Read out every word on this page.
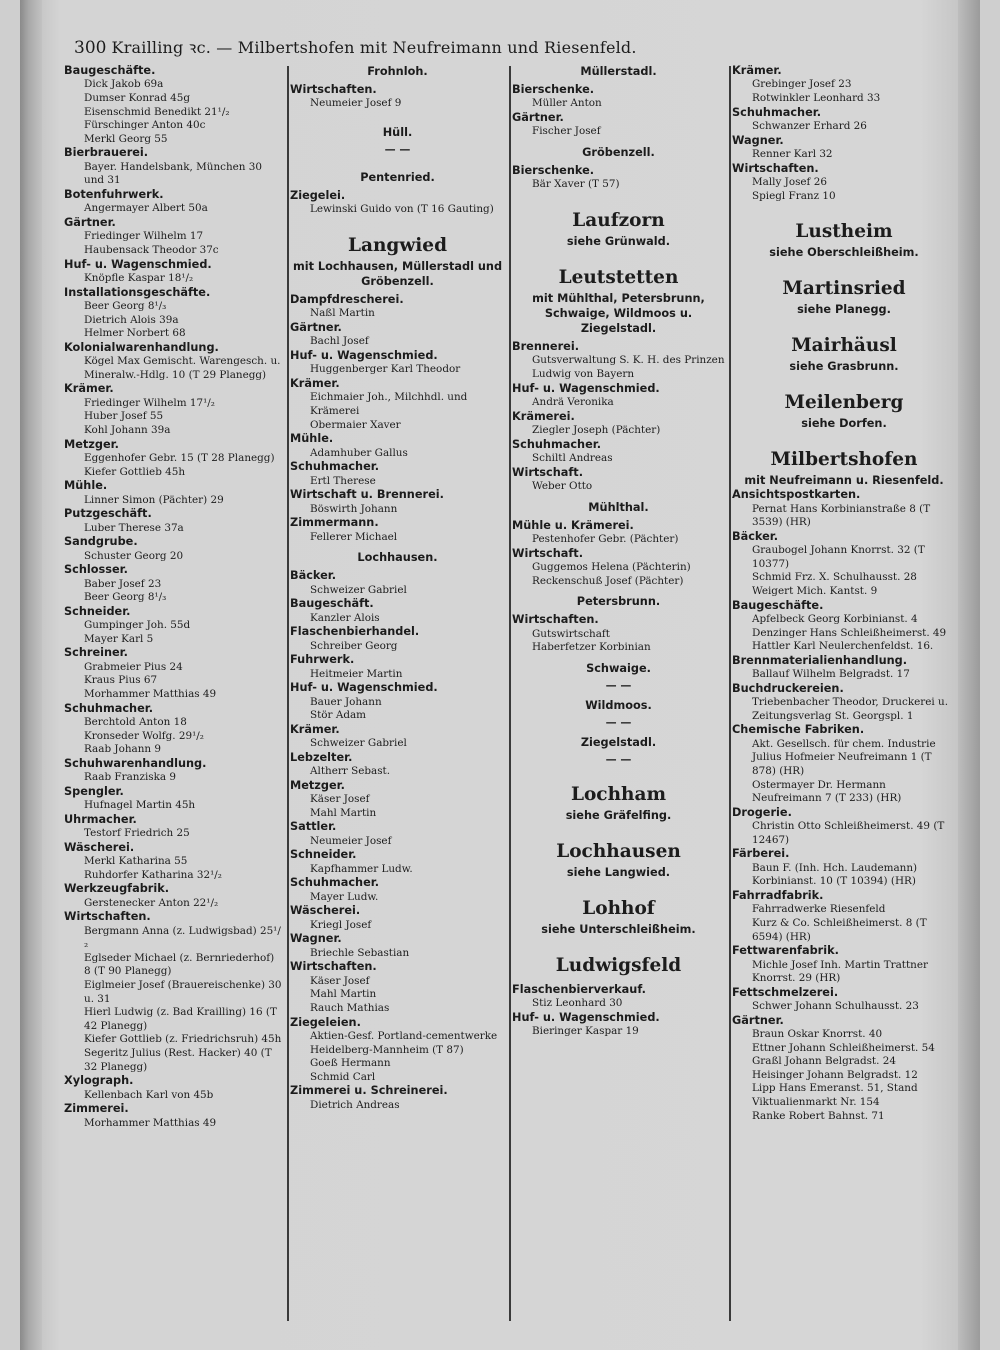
300 Krailling ꝛc. — Milbertshofen mit Neufreimann und Riesenfeld.
Baugeschäfte.
Dick Jakob 69a
Dumser Konrad 45g
Eisenschmid Benedikt 21¹/₂
Fürschinger Anton 40c
Merkl Georg 55
Bierbrauerei.
Bayer. Handelsbank, München 30 und 31
Botenfuhrwerk.
Angermayer Albert 50a
Gärtner.
Friedinger Wilhelm 17
Haubensack Theodor 37c
Huf- u. Wagenschmied.
Knöpfle Kaspar 18¹/₂
Installationsgeschäfte.
Beer Georg 8¹/₃
Dietrich Alois 39a
Helmer Norbert 68
Kolonialwarenhandlung.
Kögel Max Gemischt. Warengesch. u. Mineralw.-Hdlg. 10 (T 29 Planegg)
Krämer.
Friedinger Wilhelm 17¹/₂
Huber Josef 55
Kohl Johann 39a
Metzger.
Eggenhofer Gebr. 15 (T 28 Planegg)
Kiefer Gottlieb 45h
Mühle.
Linner Simon (Pächter) 29
Putzgeschäft.
Luber Therese 37a
Sandgrube.
Schuster Georg 20
Schlosser.
Baber Josef 23
Beer Georg 8¹/₃
Schneider.
Gumpinger Joh. 55d
Mayer Karl 5
Schreiner.
Grabmeier Pius 24
Kraus Pius 67
Morhammer Matthias 49
Schuhmacher.
Berchtold Anton 18
Kronseder Wolfg. 29¹/₂
Raab Johann 9
Schuhwarenhandlung.
Raab Franziska 9
Spengler.
Hufnagel Martin 45h
Uhrmacher.
Testorf Friedrich 25
Wäscherei.
Merkl Katharina 55
Ruhdorfer Katharina 32¹/₂
Werkzeugfabrik.
Gerstenecker Anton 22¹/₂
Wirtschaften.
Bergmann Anna (z. Ludwigsbad) 25¹/₂
Eglseder Michael (z. Bernriederhof) 8 (T 90 Planegg)
Eiglmeier Josef (Brauereischenke) 30 u. 31
Hierl Ludwig (z. Bad Krailling) 16 (T 42 Planegg)
Kiefer Gottlieb (z. Friedrichsruh) 45h
Segeritz Julius (Rest. Hacker) 40 (T 32 Planegg)
Xylograph.
Kellenbach Karl von 45b
Zimmerei.
Morhammer Matthias 49
Frohnloh.
Wirtschaften.
Neumeier Josef 9
Hüll.
— —
Pentenried.
Ziegelei.
Lewinski Guido von (T 16 Gauting)
Langwied
mit Lochhausen, Müllerstadl und Gröbenzell.
Dampfdrescherei.
Naßl Martin
Gärtner.
Bachl Josef
Huf- u. Wagenschmied.
Huggenberger Karl Theodor
Krämer.
Eichmaier Joh., Milchhdl. und Krämerei
Obermaier Xaver
Mühle.
Adamhuber Gallus
Schuhmacher.
Ertl Therese
Wirtschaft u. Brennerei.
Böswirth Johann
Zimmermann.
Fellerer Michael
Lochhausen.
Bäcker.
Schweizer Gabriel
Baugeschäft.
Kanzler Alois
Flaschenbierhandel.
Schreiber Georg
Fuhrwerk.
Heitmeier Martin
Huf- u. Wagenschmied.
Bauer Johann
Stör Adam
Krämer.
Schweizer Gabriel
Lebzelter.
Altherr Sebast.
Metzger.
Käser Josef
Mahl Martin
Sattler.
Neumeier Josef
Schneider.
Kapfhammer Ludw.
Schuhmacher.
Mayer Ludw.
Wäscherei.
Kriegl Josef
Wagner.
Briechle Sebastian
Wirtschaften.
Käser Josef
Mahl Martin
Rauch Mathias
Ziegeleien.
Aktien-Gesf. Portland-cementwerke Heidelberg-Mannheim (T 87)
Goeß Hermann
Schmid Carl
Zimmerei u. Schreinerei.
Dietrich Andreas
Müllerstadl.
Bierschenke.
Müller Anton
Gärtner.
Fischer Josef
Gröbenzell.
Bierschenke.
Bär Xaver (T 57)
Laufzorn
siehe Grünwald.
Leutstetten
mit Mühlthal, Petersbrunn, Schwaige, Wildmoos u. Ziegelstadl.
Brennerei.
Gutsverwaltung S. K. H. des Prinzen Ludwig von Bayern
Huf- u. Wagenschmied.
Andrä Veronika
Krämerei.
Ziegler Joseph (Pächter)
Schuhmacher.
Schiltl Andreas
Wirtschaft.
Weber Otto
Mühlthal.
Mühle u. Krämerei.
Pestenhofer Gebr. (Pächter)
Wirtschaft.
Guggemos Helena (Pächterin)
Reckenschuß Josef (Pächter)
Petersbrunn.
Wirtschaften.
Gutswirtschaft
Haberfetzer Korbinian
Schwaige.
— —
Wildmoos.
— —
Ziegelstadl.
— —
Lochham
siehe Gräfelfing.
Lochhausen
siehe Langwied.
Lohhof
siehe Unterschleißheim.
Ludwigsfeld
Flaschenbierverkauf.
Stiz Leonhard 30
Huf- u. Wagenschmied.
Bieringer Kaspar 19
Krämer.
Grebinger Josef 23
Rotwinkler Leonhard 33
Schuhmacher.
Schwanzer Erhard 26
Wagner.
Renner Karl 32
Wirtschaften.
Mally Josef 26
Spiegl Franz 10
Lustheim
siehe Oberschleißheim.
Martinsried
siehe Planegg.
Mairhäusl
siehe Grasbrunn.
Meilenberg
siehe Dorfen.
Milbertshofen
mit Neufreimann u. Riesenfeld.
Ansichtspostkarten.
Pernat Hans Korbinianstraße 8 (T 3539) (HR)
Bäcker.
Graubogel Johann Knorrst. 32 (T 10377)
Schmid Frz. X. Schulhausst. 28
Weigert Mich. Kantst. 9
Baugeschäfte.
Apfelbeck Georg Korbinianst. 4
Denzinger Hans Schleißheimerst. 49
Hattler Karl Neulerchenfeldst. 16.
Brennmaterialienhandlung.
Ballauf Wilhelm Belgradst. 17
Buchdruckereien.
Triebenbacher Theodor, Druckerei u. Zeitungsverlag St. Georgspl. 1
Chemische Fabriken.
Akt. Gesellsch. für chem. Industrie Julius Hofmeier Neufreimann 1 (T 878) (HR)
Ostermayer Dr. Hermann Neufreimann 7 (T 233) (HR)
Drogerie.
Christin Otto Schleißheimerst. 49 (T 12467)
Färberei.
Baun F. (Inh. Hch. Laudemann) Korbinianst. 10 (T 10394) (HR)
Fahrradfabrik.
Fahrradwerke Riesenfeld
Kurz & Co. Schleißheimerst. 8 (T 6594) (HR)
Fettwarenfabrik.
Michle Josef Inh. Martin Trattner Knorrst. 29 (HR)
Fettschmelzerei.
Schwer Johann Schulhausst. 23
Gärtner.
Braun Oskar Knorrst. 40
Ettner Johann Schleißheimerst. 54
Graßl Johann Belgradst. 24
Heisinger Johann Belgradst. 12
Lipp Hans Emeranst. 51, Stand Viktualienmarkt Nr. 154
Ranke Robert Bahnst. 71
